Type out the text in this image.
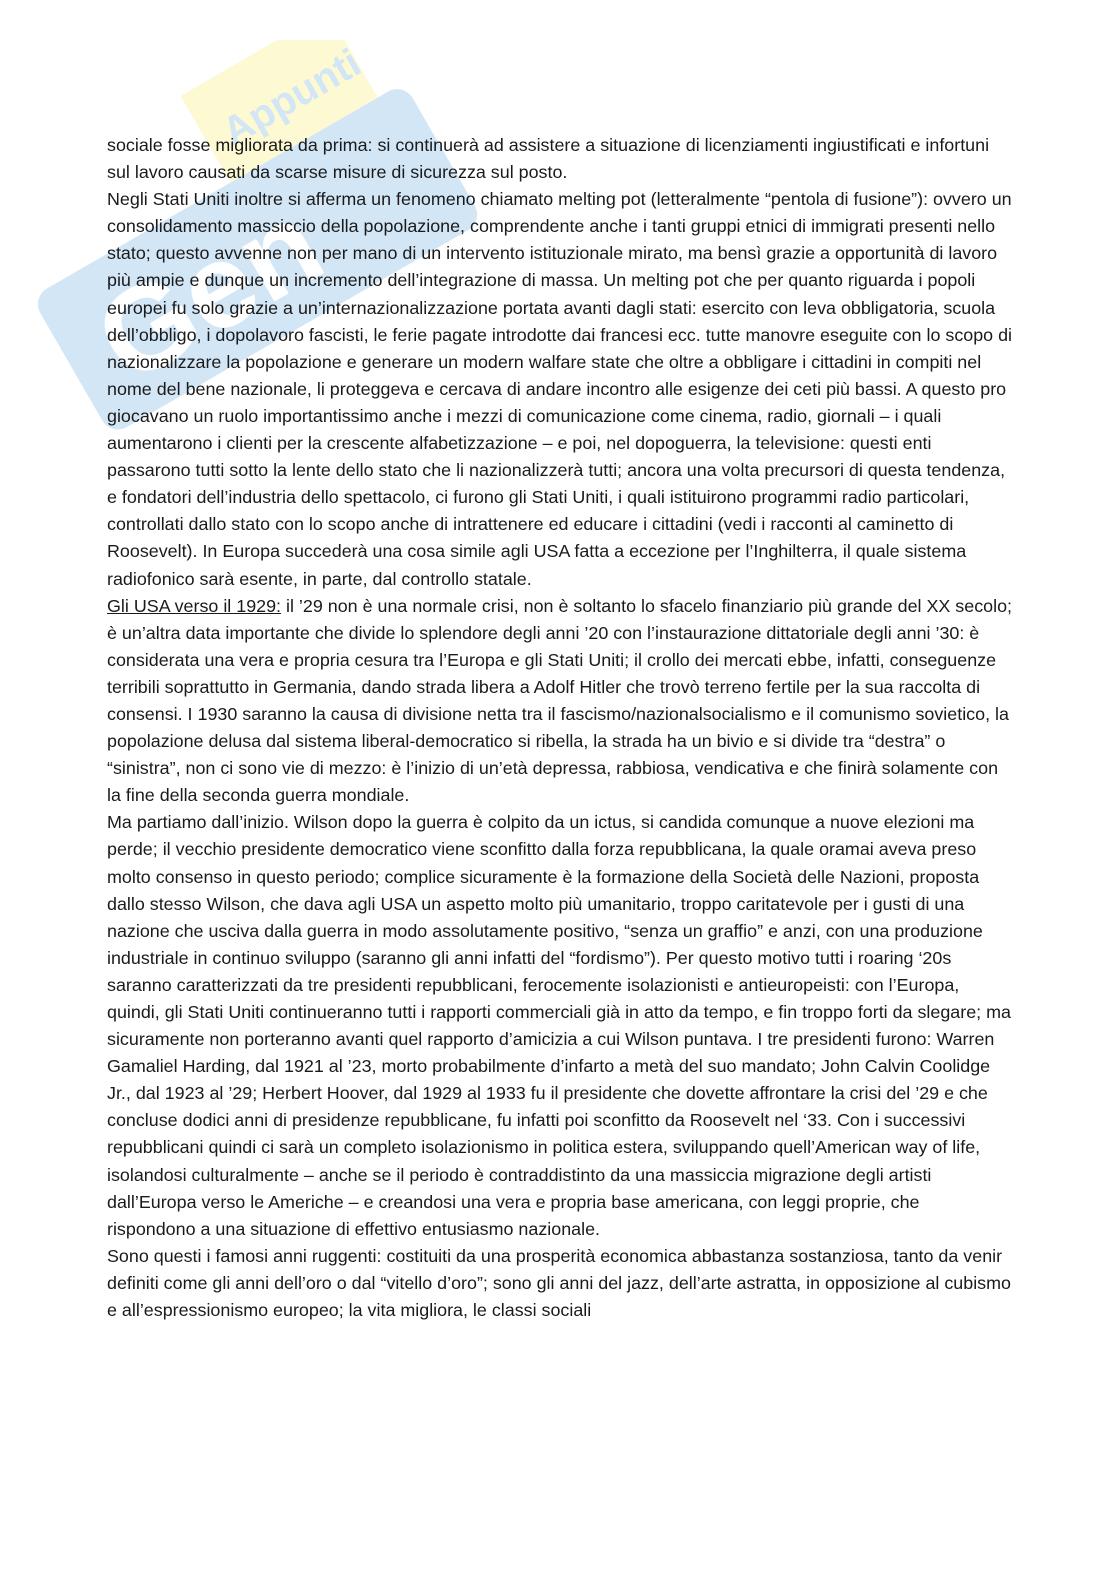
Gen
Appunti

sociale fosse migliorata da prima: si continuerà ad assistere a situazione di licenziamenti ingiustificati e infortuni sul lavoro causati da scarse misure di sicurezza sul posto.

Negli Stati Uniti inoltre si afferma un fenomeno chiamato melting pot (letteralmente “pentola di fusione”): ovvero un consolidamento massiccio della popolazione, comprendente anche i tanti gruppi etnici di immigrati presenti nello stato; questo avvenne non per mano di un intervento istituzionale mirato, ma bensì grazie a opportunità di lavoro più ampie e dunque un incremento dell’integrazione di massa. Un melting pot che per quanto riguarda i popoli europei fu solo grazie a un’internazionalizzazione portata avanti dagli stati: esercito con leva obbligatoria, scuola dell’obbligo, i dopolavoro fascisti, le ferie pagate introdotte dai francesi ecc. tutte manovre eseguite con lo scopo di nazionalizzare la popolazione e generare un modern walfare state che oltre a obbligare i cittadini in compiti nel nome del bene nazionale, li proteggeva e cercava di andare incontro alle esigenze dei ceti più bassi. A questo pro giocavano un ruolo importantissimo anche i mezzi di comunicazione come cinema, radio, giornali – i quali aumentarono i clienti per la crescente alfabetizzazione – e poi, nel dopoguerra, la televisione: questi enti passarono tutti sotto la lente dello stato che li nazionalizzerà tutti; ancora una volta precursori di questa tendenza, e fondatori dell’industria dello spettacolo, ci furono gli Stati Uniti, i quali istituirono programmi radio particolari, controllati dallo stato con lo scopo anche di intrattenere ed educare i cittadini (vedi i racconti al caminetto di Roosevelt). In Europa succederà una cosa simile agli USA fatta a eccezione per l’Inghilterra, il quale sistema radiofonico sarà esente, in parte, dal controllo statale.

Gli USA verso il 1929: il ’29 non è una normale crisi, non è soltanto lo sfacelo finanziario più grande del XX secolo; è un’altra data importante che divide lo splendore degli anni ’20 con l’instaurazione dittatoriale degli anni ’30: è considerata una vera e propria cesura tra l’Europa e gli Stati Uniti; il crollo dei mercati ebbe, infatti, conseguenze terribili soprattutto in Germania, dando strada libera a Adolf Hitler che trovò terreno fertile per la sua raccolta di consensi. I 1930 saranno la causa di divisione netta tra il fascismo/nazionalsocialismo e il comunismo sovietico, la popolazione delusa dal sistema liberal-democratico si ribella, la strada ha un bivio e si divide tra “destra” o “sinistra”, non ci sono vie di mezzo: è l’inizio di un’età depressa, rabbiosa, vendicativa e che finirà solamente con la fine della seconda guerra mondiale.

Ma partiamo dall’inizio. Wilson dopo la guerra è colpito da un ictus, si candida comunque a nuove elezioni ma perde; il vecchio presidente democratico viene sconfitto dalla forza repubblicana, la quale oramai aveva preso molto consenso in questo periodo; complice sicuramente è la formazione della Società delle Nazioni, proposta dallo stesso Wilson, che dava agli USA un aspetto molto più umanitario, troppo caritatevole per i gusti di una nazione che usciva dalla guerra in modo assolutamente positivo, “senza un graffio” e anzi, con una produzione industriale in continuo sviluppo (saranno gli anni infatti del “fordismo”). Per questo motivo tutti i roaring ‘20s saranno caratterizzati da tre presidenti repubblicani, ferocemente isolazionisti e antieuropeisti: con l’Europa, quindi, gli Stati Uniti continueranno tutti i rapporti commerciali già in atto da tempo, e fin troppo forti da slegare; ma sicuramente non porteranno avanti quel rapporto d’amicizia a cui Wilson puntava. I tre presidenti furono: Warren Gamaliel Harding, dal 1921 al ’23, morto probabilmente d’infarto a metà del suo mandato; John Calvin Coolidge Jr., dal 1923 al ’29; Herbert Hoover, dal 1929 al 1933 fu il presidente che dovette affrontare la crisi del ’29 e che concluse dodici anni di presidenze repubblicane, fu infatti poi sconfitto da Roosevelt nel ‘33. Con i successivi repubblicani quindi ci sarà un completo isolazionismo in politica estera, sviluppando quell’American way of life, isolandosi culturalmente – anche se il periodo è contraddistinto da una massiccia migrazione degli artisti dall’Europa verso le Americhe – e creandosi una vera e propria base americana, con leggi proprie, che rispondono a una situazione di effettivo entusiasmo nazionale.

Sono questi i famosi anni ruggenti: costituiti da una prosperità economica abbastanza sostanziosa, tanto da venir definiti come gli anni dell’oro o dal “vitello d’oro”; sono gli anni del jazz, dell’arte astratta, in opposizione al cubismo e all’espressionismo europeo; la vita migliora, le classi sociali
